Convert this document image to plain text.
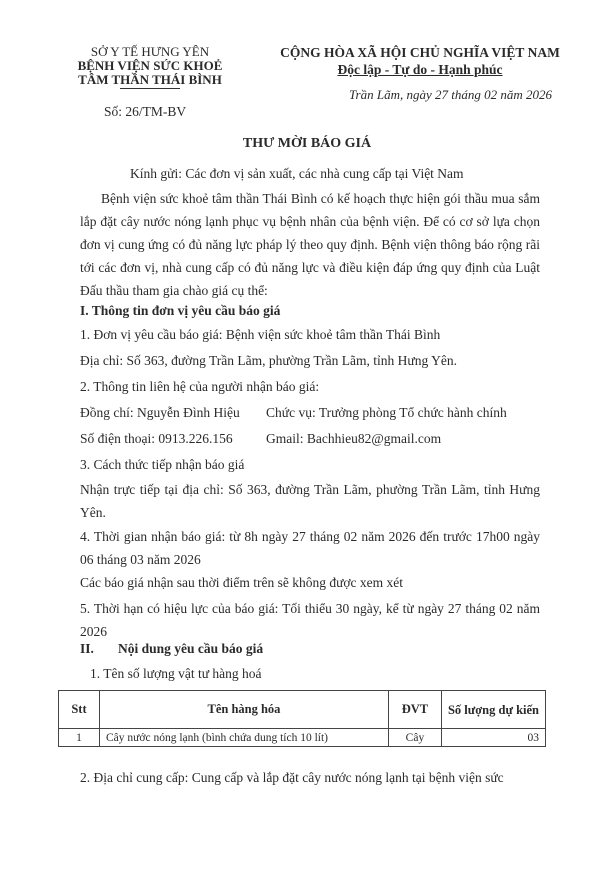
SỞ Y TẾ HƯNG YÊN
BỆNH VIỆN SỨC KHOẺ
TÂM THẦN THÁI BÌNH
Số: 26/TM-BV
CỘNG HÒA XÃ HỘI CHỦ NGHĨA VIỆT NAM
Độc lập - Tự do - Hạnh phúc
Trần Lãm, ngày 27 tháng 02 năm 2026
THƯ MỜI BÁO GIÁ
Kính gửi: Các đơn vị sản xuất, các nhà cung cấp tại Việt Nam
Bệnh viện sức khoẻ tâm thần Thái Bình có kế hoạch thực hiện gói thầu mua sắm lắp đặt cây nước nóng lạnh phục vụ bệnh nhân của bệnh viện. Để có cơ sở lựa chọn đơn vị cung ứng có đủ năng lực pháp lý theo quy định. Bệnh viện thông báo rộng rãi tới các đơn vị, nhà cung cấp có đủ năng lực và điều kiện đáp ứng quy định của Luật Đấu thầu tham gia chào giá cụ thể:
I. Thông tin đơn vị yêu cầu báo giá
1. Đơn vị yêu cầu báo giá: Bệnh viện sức khoẻ tâm thần Thái Bình
Địa chỉ: Số 363, đường Trần Lãm, phường Trần Lãm, tỉnh Hưng Yên.
2. Thông tin liên hệ của người nhận báo giá:
Đồng chí: Nguyễn Đình Hiệu Chức vụ: Trưởng phòng Tổ chức hành chính
Số điện thoại: 0913.226.156 Gmail: Bachhieu82@gmail.com
3. Cách thức tiếp nhận báo giá
Nhận trực tiếp tại địa chỉ: Số 363, đường Trần Lãm, phường Trần Lãm, tỉnh Hưng Yên.
4. Thời gian nhận báo giá: từ 8h ngày 27 tháng 02 năm 2026 đến trước 17h00 ngày 06 tháng 03 năm 2026
Các báo giá nhận sau thời điểm trên sẽ không được xem xét
5. Thời hạn có hiệu lực của báo giá: Tối thiểu 30 ngày, kể từ ngày 27 tháng 02 năm 2026
II. Nội dung yêu cầu báo giá
1. Tên số lượng vật tư hàng hoá
Stt	Tên hàng hóa	ĐVT	Số lượng dự kiến
1	Cây nước nóng lạnh (bình chứa dung tích 10 lít)	Cây	03
2. Địa chỉ cung cấp: Cung cấp và lắp đặt cây nước nóng lạnh tại bệnh viện sức
